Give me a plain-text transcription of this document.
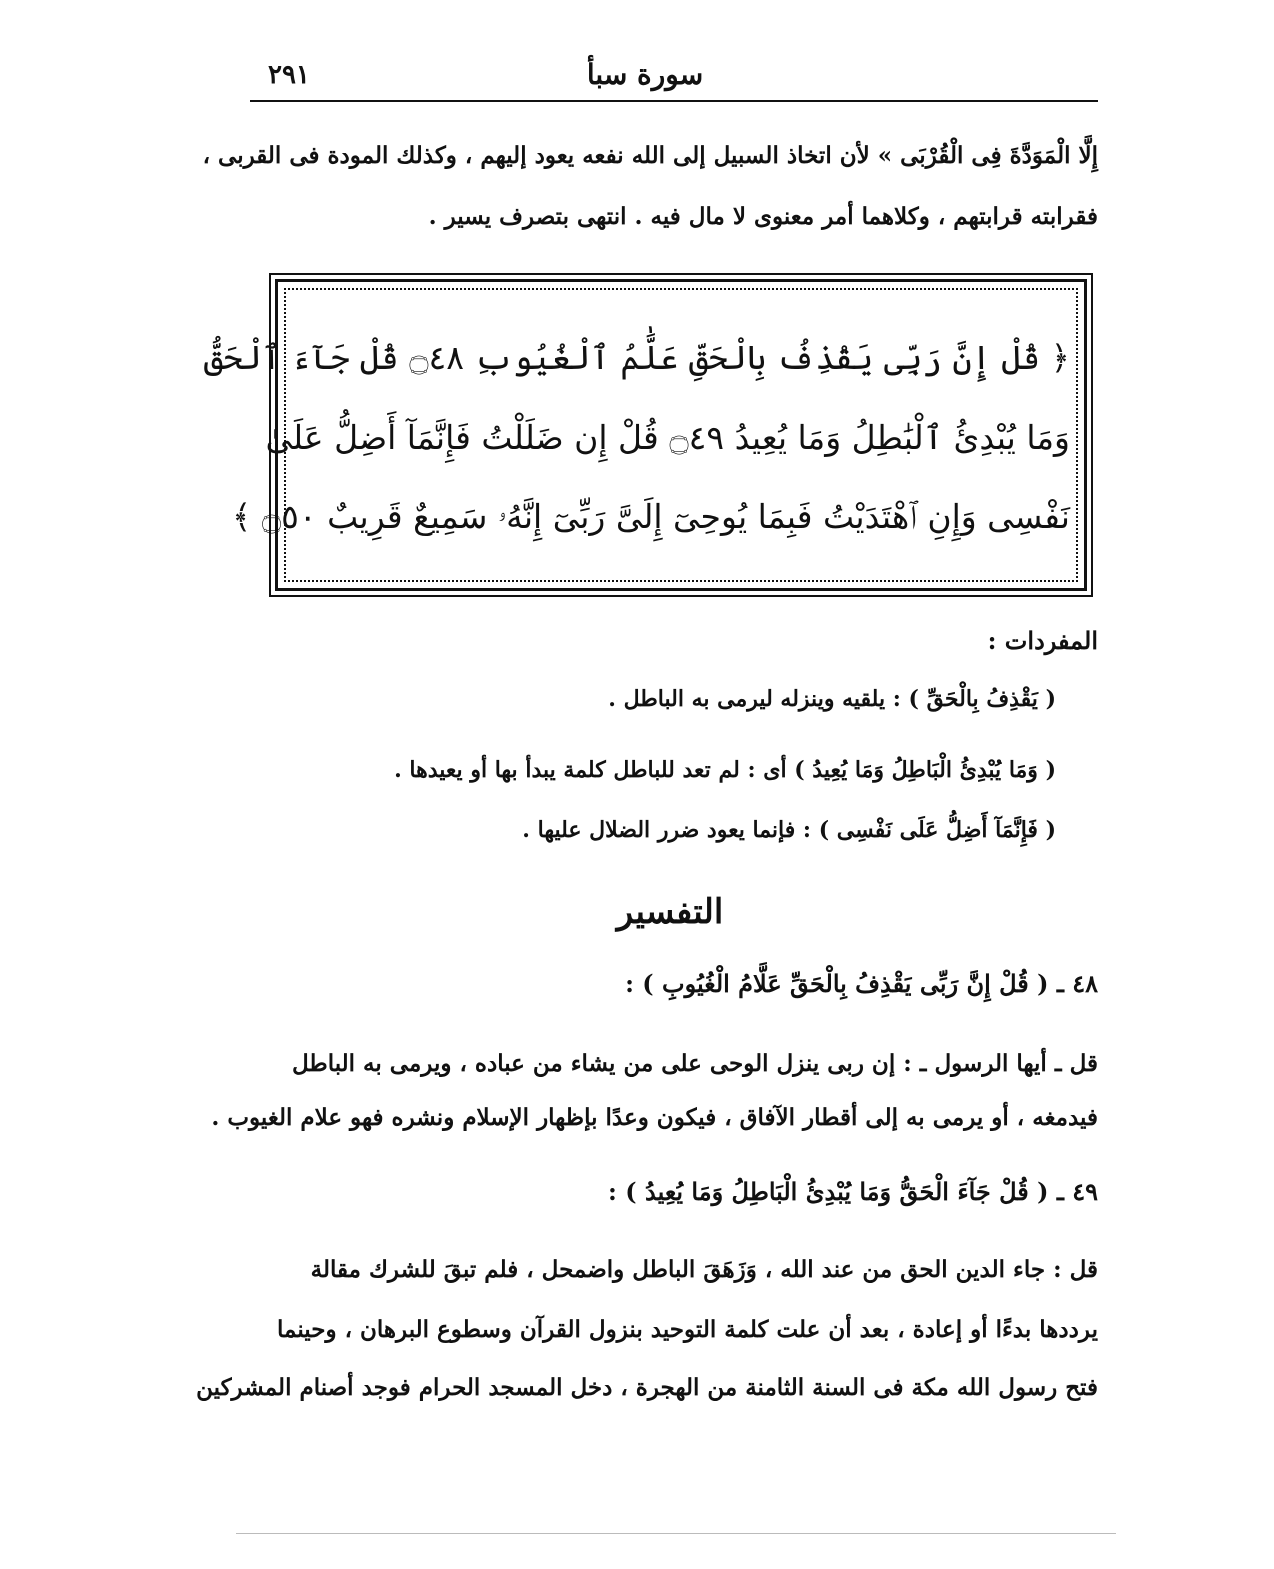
سورة سبأ
٢٩١
إِلَّا الْمَوَدَّةَ فِى الْقُرْبَى » لأن اتخاذ السبيل إلى الله نفعه يعود إليهم ، وكذلك المودة فى القربى ،
فقرابته قرابتهم ، وكلاهما أمر معنوى لا مال فيه . انتهى بتصرف يسير .
﴿ قُلْ إِنَّ رَبِّى يَقْذِفُ بِالْحَقِّ عَلَّٰمُ ٱلْغُيُوبِ ۝٤٨ قُلْ جَآءَ ٱلْحَقُّ
وَمَا يُبْدِئُ ٱلْبَٰطِلُ وَمَا يُعِيدُ ۝٤٩ قُلْ إِن ضَلَلْتُ فَإِنَّمَآ أَضِلُّ عَلَىٰ
نَفْسِى وَإِنِ ٱهْتَدَيْتُ فَبِمَا يُوحِىٓ إِلَىَّ رَبِّىٓ إِنَّهُۥ سَمِيعٌ قَرِيبٌ ۝٥٠ ﴾
المفردات :
( يَقْذِفُ بِالْحَقِّ ) : يلقيه وينزله ليرمى به الباطل .
( وَمَا يُبْدِئُ الْبَاطِلُ وَمَا يُعِيدُ ) أى : لم تعد للباطل كلمة يبدأ بها أو يعيدها .
( فَإِنَّمَآ أَضِلُّ عَلَى نَفْسِى ) : فإنما يعود ضرر الضلال عليها .
التفسير
٤٨ ـ ( قُلْ إِنَّ رَبِّى يَقْذِفُ بِالْحَقِّ عَلَّامُ الْغُيُوبِ ) :
قل ـ أيها الرسول ـ : إن ربى ينزل الوحى على من يشاء من عباده ، ويرمى به الباطل
فيدمغه ، أو يرمى به إلى أقطار الآفاق ، فيكون وعدًا بإظهار الإسلام ونشره فهو علام الغيوب .
٤٩ ـ ( قُلْ جَآءَ الْحَقُّ وَمَا يُبْدِئُ الْبَاطِلُ وَمَا يُعِيدُ ) :
قل : جاء الدين الحق من عند الله ، وَزَهَقَ الباطل واضمحل ، فلم تبقَ للشرك مقالة
يرددها بدءًا أو إعادة ، بعد أن علت كلمة التوحيد بنزول القرآن وسطوع البرهان ، وحينما
فتح رسول الله مكة فى السنة الثامنة من الهجرة ، دخل المسجد الحرام فوجد أصنام المشركين
